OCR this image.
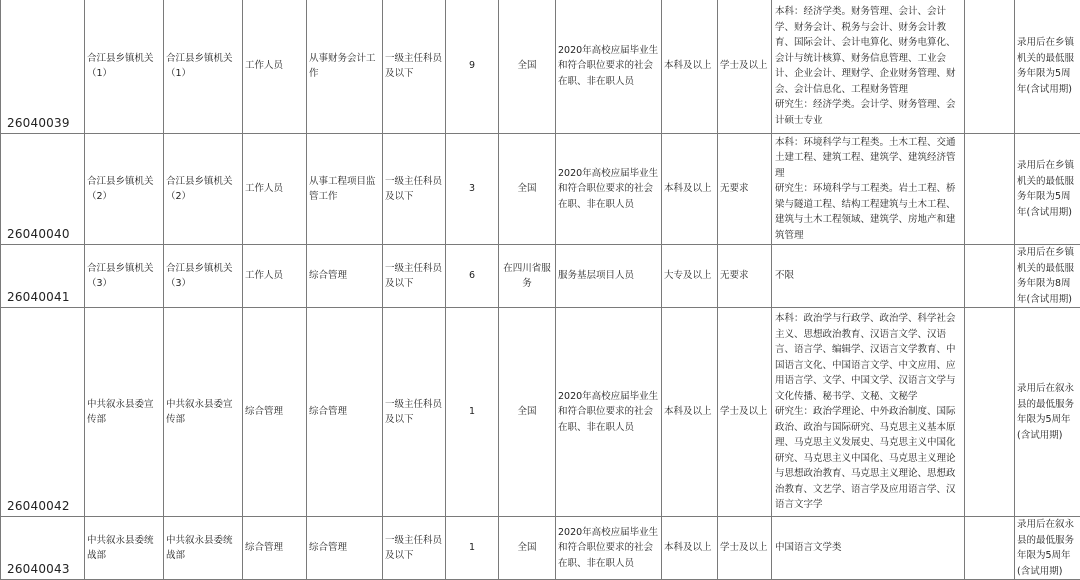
26040039	合江县乡镇机关（1）	合江县乡镇机关（1）	工作人员	从事财务会计工作	一级主任科员及以下	9	全国	2020年高校应届毕业生和符合职位要求的社会在职、非在职人员	本科及以上	学士及以上	本科：经济学类。财务管理、会计、会计学、财务会计、税务与会计、财务会计教育、国际会计、会计电算化、财务电算化、会计与统计核算、财务信息管理、工业会计、企业会计、理财学、企业财务管理、财会、会计信息化、工程财务管理
研究生：经济学类。会计学、财务管理、会计硕士专业		录用后在乡镇机关的最低服务年限为5周年(含试用期)
26040040	合江县乡镇机关（2）	合江县乡镇机关（2）	工作人员	从事工程项目监管工作	一级主任科员及以下	3	全国	2020年高校应届毕业生和符合职位要求的社会在职、非在职人员	本科及以上	无要求	本科：环境科学与工程类。土木工程、交通土建工程、建筑工程、建筑学、建筑经济管理
研究生：环境科学与工程类。岩土工程、桥梁与隧道工程、结构工程建筑与土木工程、建筑与土木工程领域、建筑学、房地产和建筑管理		录用后在乡镇机关的最低服务年限为5周年(含试用期)
26040041	合江县乡镇机关（3）	合江县乡镇机关（3）	工作人员	综合管理	一级主任科员及以下	6	在四川省服务	服务基层项目人员	大专及以上	无要求	不限		录用后在乡镇机关的最低服务年限为8周年(含试用期)
26040042	中共叙永县委宣传部	中共叙永县委宣传部	综合管理	综合管理	一级主任科员及以下	1	全国	2020年高校应届毕业生和符合职位要求的社会在职、非在职人员	本科及以上	学士及以上	本科：政治学与行政学、政治学、科学社会主义、思想政治教育、汉语言文学、汉语言、语言学、编辑学、汉语言文学教育、中国语言文化、中国语言文学、中文应用、应用语言学、文学、中国文学、汉语言文学与文化传播、秘书学、文秘、文秘学
研究生：政治学理论、中外政治制度、国际政治、政治与国际研究、马克思主义基本原理、马克思主义发展史、马克思主义中国化研究、马克思主义中国化、马克思主义理论与思想政治教育、马克思主义理论、思想政治教育、文艺学、语言学及应用语言学、汉语言文字学		录用后在叙永县的最低服务年限为5周年(含试用期)
26040043	中共叙永县委统战部	中共叙永县委统战部	综合管理	综合管理	一级主任科员及以下	1	全国	2020年高校应届毕业生和符合职位要求的社会在职、非在职人员	本科及以上	学士及以上	中国语言文学类		录用后在叙永县的最低服务年限为5周年(含试用期)
